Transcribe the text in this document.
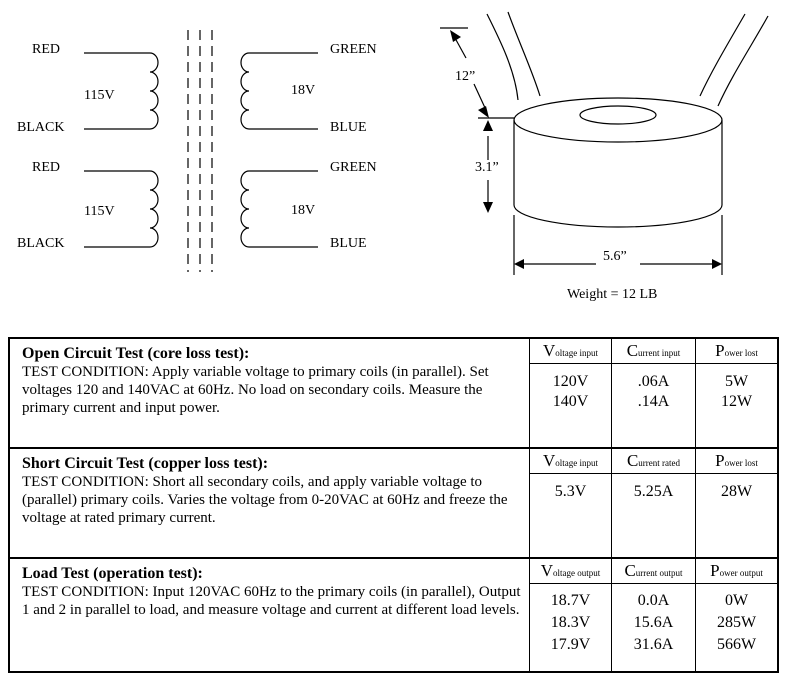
RED
BLACK
115V	18V
GREEN
BLUE
RED
BLACK
115V	18V
GREEN
BLUE
12”
3.1”
5.6”
Weight = 12 LB
Open Circuit Test (core loss test):
TEST CONDITION: Apply variable voltage to primary coils (in parallel). Set voltages 120 and 140VAC at 60Hz. No load on secondary coils. Measure the primary current and input power.
Voltage input
120V
140V
Current input
.06A
.14A
Power lost
5W
12W
Short Circuit Test (copper loss test):
TEST CONDITION: Short all secondary coils, and apply variable voltage to (parallel) primary coils. Varies the voltage from 0-20VAC at 60Hz and freeze the voltage at rated primary current.
Voltage input
5.3V
Current rated
5.25A
Power lost
28W
Load Test (operation test):
TEST CONDITION: Input 120VAC 60Hz to the primary coils (in parallel), Output 1 and 2 in parallel to load, and measure voltage and current at different load levels.
Voltage output
18.7V
18.3V
17.9V
Current output
0.0A
15.6A
31.6A
Power output
0W
285W
566W
